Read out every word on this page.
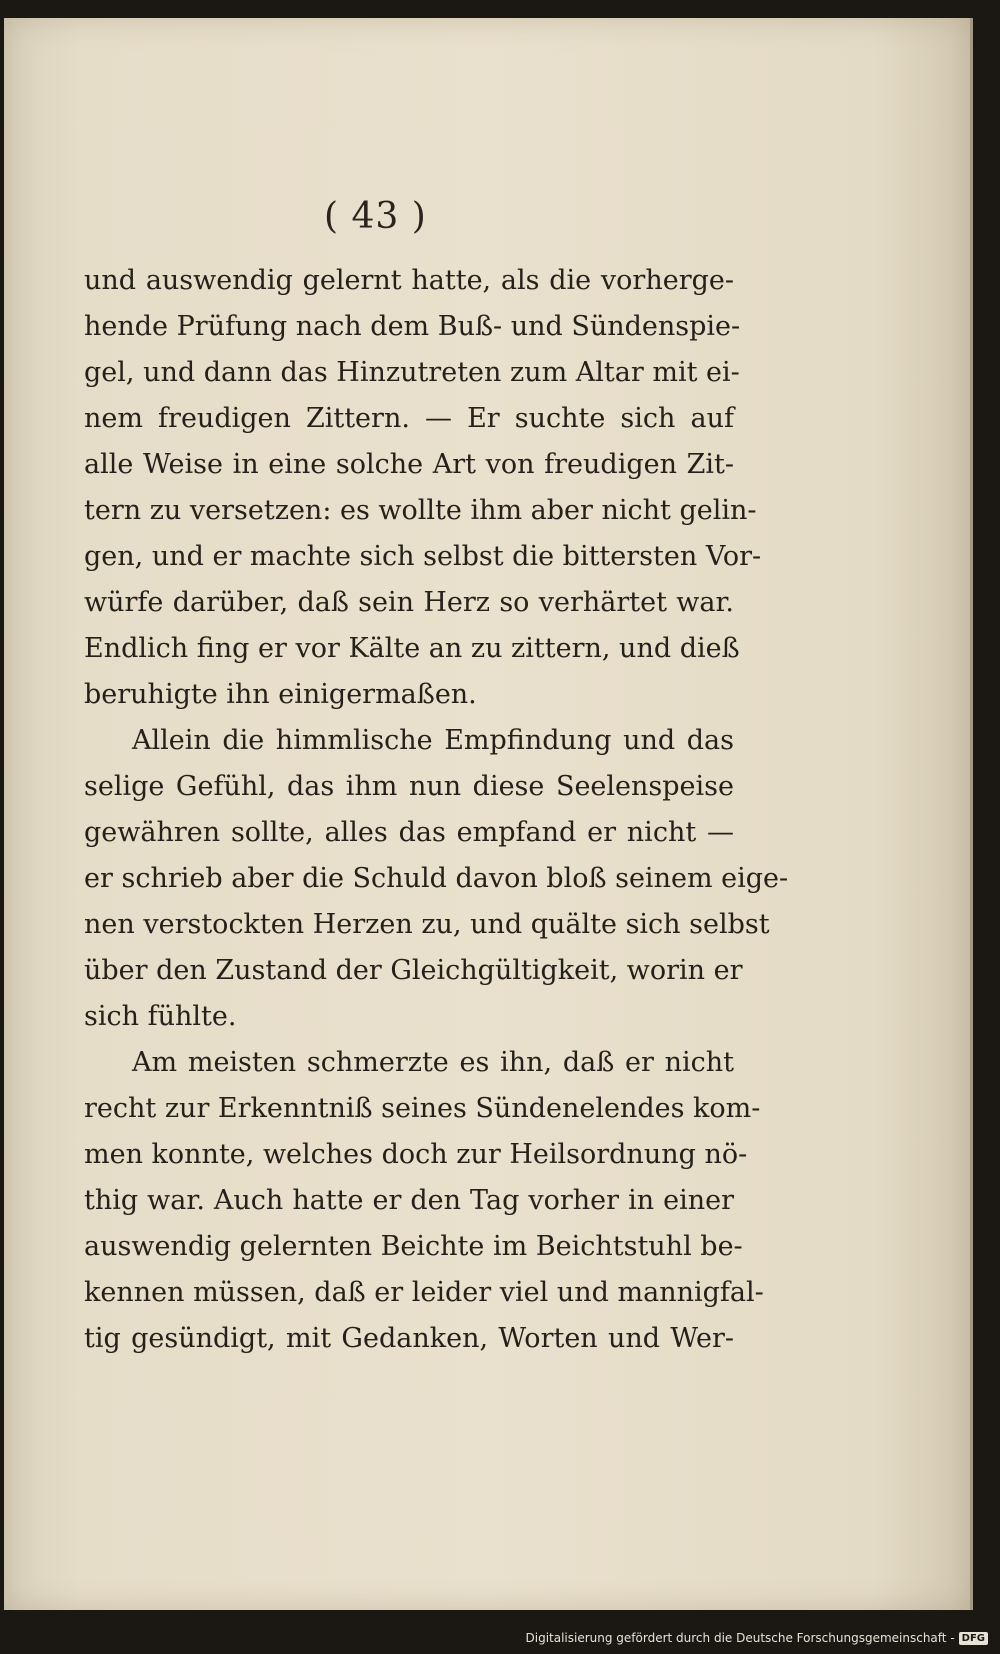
( 43 )
und auswendig gelernt hatte, als die vorherge-
hende Prüfung nach dem Buß- und Sündenspie-
gel, und dann das Hinzutreten zum Altar mit ei-
nem freudigen Zittern. — Er suchte sich auf
alle Weise in eine solche Art von freudigen Zit-
tern zu versetzen: es wollte ihm aber nicht gelin-
gen, und er machte sich selbst die bittersten Vor-
würfe darüber, daß sein Herz so verhärtet war.
Endlich fing er vor Kälte an zu zittern, und dieß
beruhigte ihn einigermaßen.
Allein die himmlische Empfindung und das
selige Gefühl, das ihm nun diese Seelenspeise
gewähren sollte, alles das empfand er nicht —
er schrieb aber die Schuld davon bloß seinem eige-
nen verstockten Herzen zu, und quälte sich selbst
über den Zustand der Gleichgültigkeit, worin er
sich fühlte.
Am meisten schmerzte es ihn, daß er nicht
recht zur Erkenntniß seines Sündenelendes kom-
men konnte, welches doch zur Heilsordnung nö-
thig war. Auch hatte er den Tag vorher in einer
auswendig gelernten Beichte im Beichtstuhl be-
kennen müssen, daß er leider viel und mannigfal-
tig gesündigt, mit Gedanken, Worten und Wer-
Digitalisierung gefördert durch die Deutsche Forschungsgemeinschaft - DFG
